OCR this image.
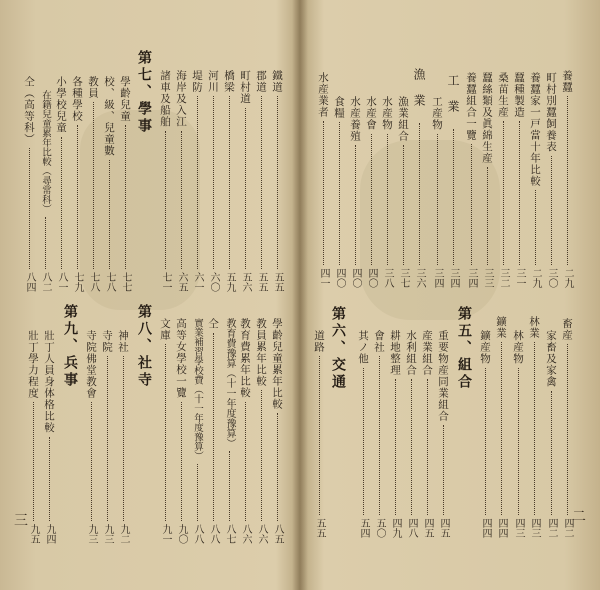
三	二
養蠶
二九
町村別蠶飼養表
三〇
養蠶家一戸當十年比較
二九
蠶種製造
三一
桑苗生産
三二
蠶絲類及眞綿生産
三三
養蠶組合一覽
三四
工業
三四
工産物
三四
漁業
三六
漁業組合
三七
水産物
三八
水産會
四〇
水産養殖
四〇
食糧
四〇
水産業者
四一
畜産
四二
家畜及家禽
四二
林業
四三
林産物
四三
鑛業
四四
鑛産物
四四
第五、組合
重要物産同業組合
四五
産業組合
四五
水利組合
四八
耕地整理
四九
會社
五〇
其ノ他
五四
第六、交通
道路
五五
鐵道
五五
郡道
五五
町村道
五六
橋梁
五九
河川
六〇
堤防
六一
海岸及入江
六五
諸車及船舶
七一
第七、學事
學齡兒童
七七
校、級、兒童數
七八
教員
七八
各種學校
七九
小學校兒童
八一
在籍兒童累年比較（尋常科）
八二
仝（高等科）
八四
學齡兒童累年比較
八五
教員累年比較
八六
教育費累年比較
八六
教育費豫算（十一年度豫算）
八七
仝
八八
實業補習學校費（十一年度豫算）
八八
高等女學校一覽
九〇
文庫
九一
第八、社寺
神社
九二
寺院
九三
寺院佛堂教會
九三
第九、兵事
壯丁人員身体格比較
九四
壯丁學力程度
九五
